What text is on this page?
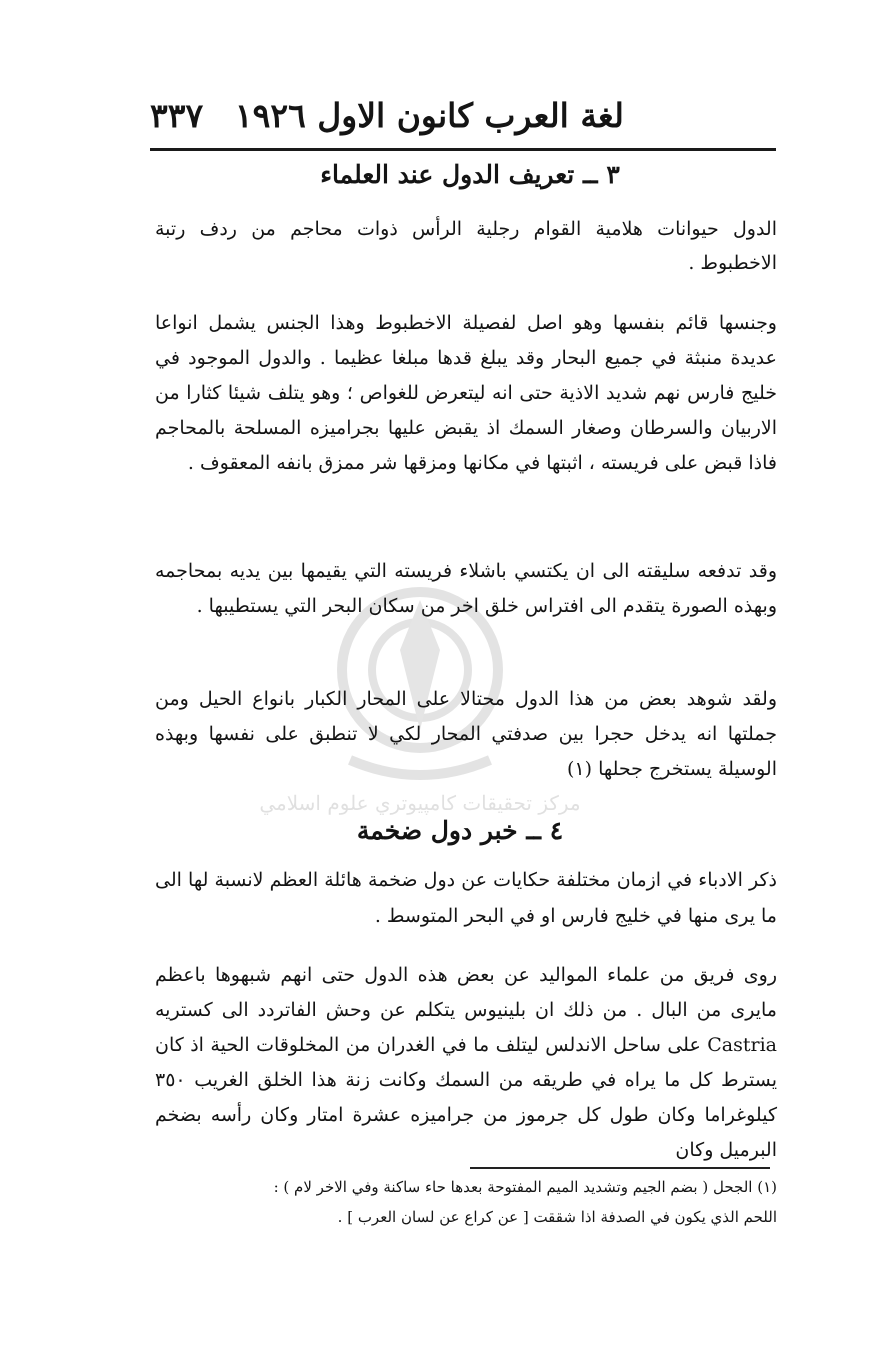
لغة العرب كانون الاول ١٩٢٦
٣٣٧
مركز تحقيقات كامپيوتري علوم اسلامي
٣ ــ تعريف الدول عند العلماء

الدول حيوانات هلامية القوام رجلية الرأس ذوات محاجم من ردف رتبة الاخطبوط .

وجنسها قائم بنفسها وهو اصل لفصيلة الاخطبوط وهذا الجنس يشمل انواعا عديدة منبثة في جميع البحار وقد يبلغ قدها مبلغا عظيما . والدول الموجود في خليج فارس نهم شديد الاذية حتى انه ليتعرض للغواص ؛ وهو يتلف شيئا كثارا من الاربيان والسرطان وصغار السمك اذ يقبض عليها بجراميزه المسلحة بالمحاجم فاذا قبض على فريسته ، اثبتها في مكانها ومزقها شر ممزق بانفه المعقوف .

وقد تدفعه سليقته الى ان يكتسي باشلاء فريسته التي يقيمها بين يديه بمحاجمه وبهذه الصورة يتقدم الى افتراس خلق اخر من سكان البحر التي يستطيبها .

ولقد شوهد بعض من هذا الدول محتالا على المحار الكبار بانواع الحيل ومن جملتها انه يدخل حجرا بين صدفتي المحار لكي لا تنطبق على نفسها وبهذه الوسيلة يستخرج جحلها (١)

٤ ــ خبر دول ضخمة

ذكر الادباء في ازمان مختلفة حكايات عن دول ضخمة هائلة العظم لانسبة لها الى ما يرى منها في خليج فارس او في البحر المتوسط .

روى فريق من علماء المواليد عن بعض هذه الدول حتى انهم شبهوها باعظم مايرى من البال . من ذلك ان بلينيوس يتكلم عن وحش الفاتردد الى كستريه Castria على ساحل الاندلس ليتلف ما في الغدران من المخلوقات الحية اذ كان يسترط كل ما يراه في طريقه من السمك وكانت زنة هذا الخلق الغريب ٣٥٠ كيلوغراما وكان طول كل جرموز من جراميزه عشرة امتار وكان رأسه بضخم البرميل وكان

(١) الجحل ( بضم الجيم وتشديد الميم المفتوحة بعدها حاء ساكنة وفي الاخر لام ) :
اللحم الذي يكون في الصدفة اذا شققت [ عن كراع عن لسان العرب ] .
